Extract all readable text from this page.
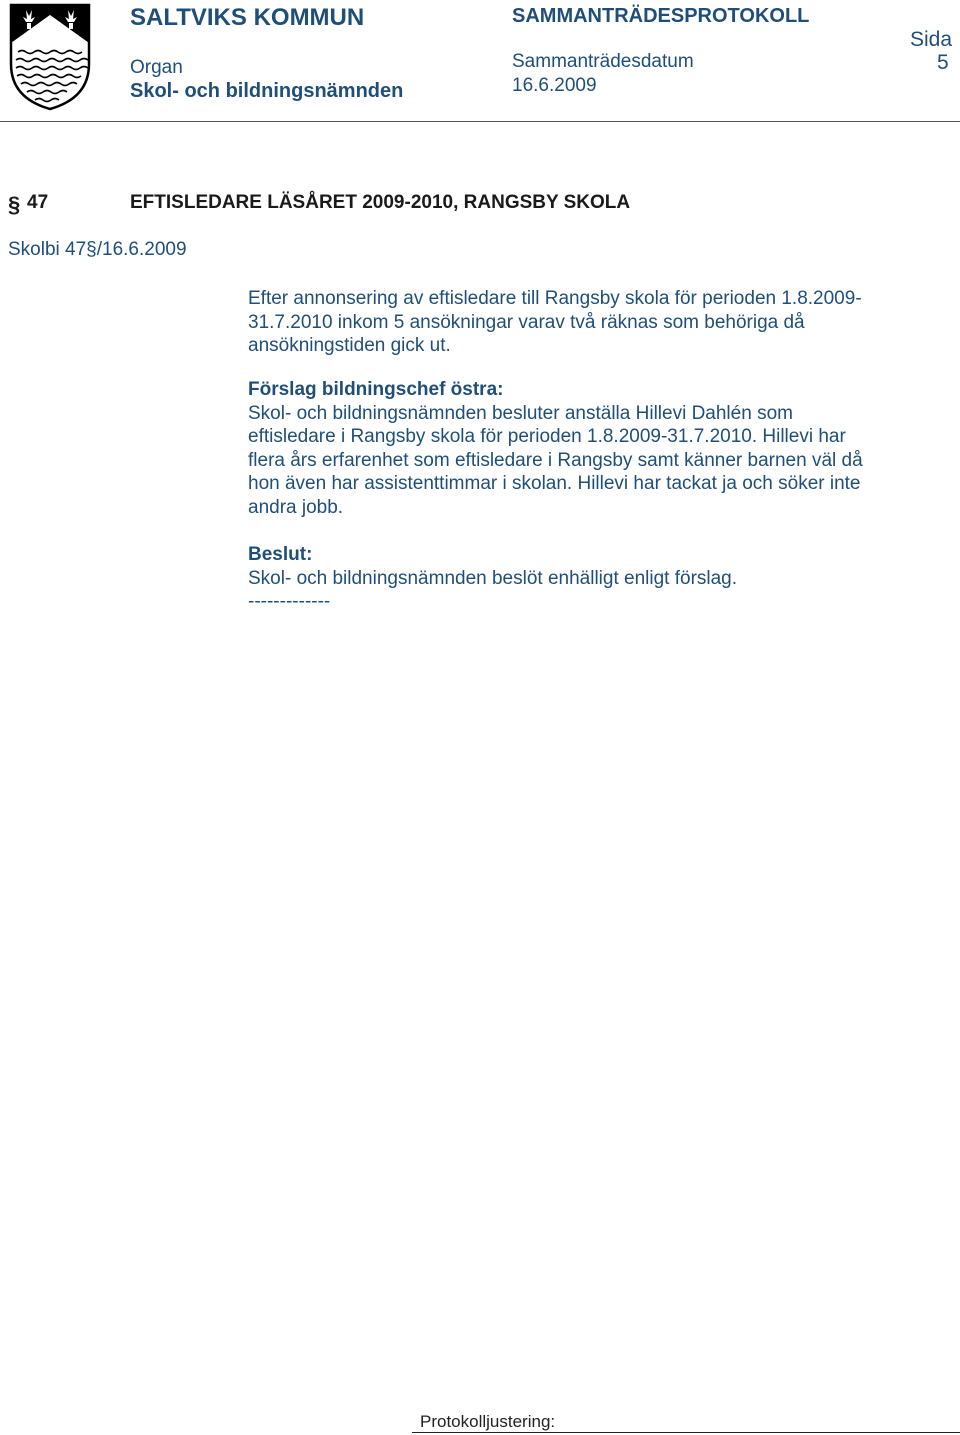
SALTVIKS KOMMUN
Organ
Skol- och bildningsnämnden
SAMMANTRÄDESPROTOKOLL
Sammanträdesdatum
16.6.2009
Sida
5
§ 47	EFTISLEDARE LÄSÅRET 2009-2010, RANGSBY SKOLA
Skolbi 47§/16.6.2009
Efter annonsering av eftisledare till Rangsby skola för perioden 1.8.2009-
31.7.2010 inkom 5 ansökningar varav två räknas som behöriga då
ansökningstiden gick ut.
Förslag bildningschef östra:
Skol- och bildningsnämnden besluter anställa Hillevi Dahlén som
eftisledare i Rangsby skola för perioden 1.8.2009-31.7.2010. Hillevi har
flera års erfarenhet som eftisledare i Rangsby samt känner barnen väl då
hon även har assistenttimmar i skolan. Hillevi har tackat ja och söker inte
andra jobb.
Beslut:
Skol- och bildningsnämnden beslöt enhälligt enligt förslag.
-------------
Protokolljustering:
